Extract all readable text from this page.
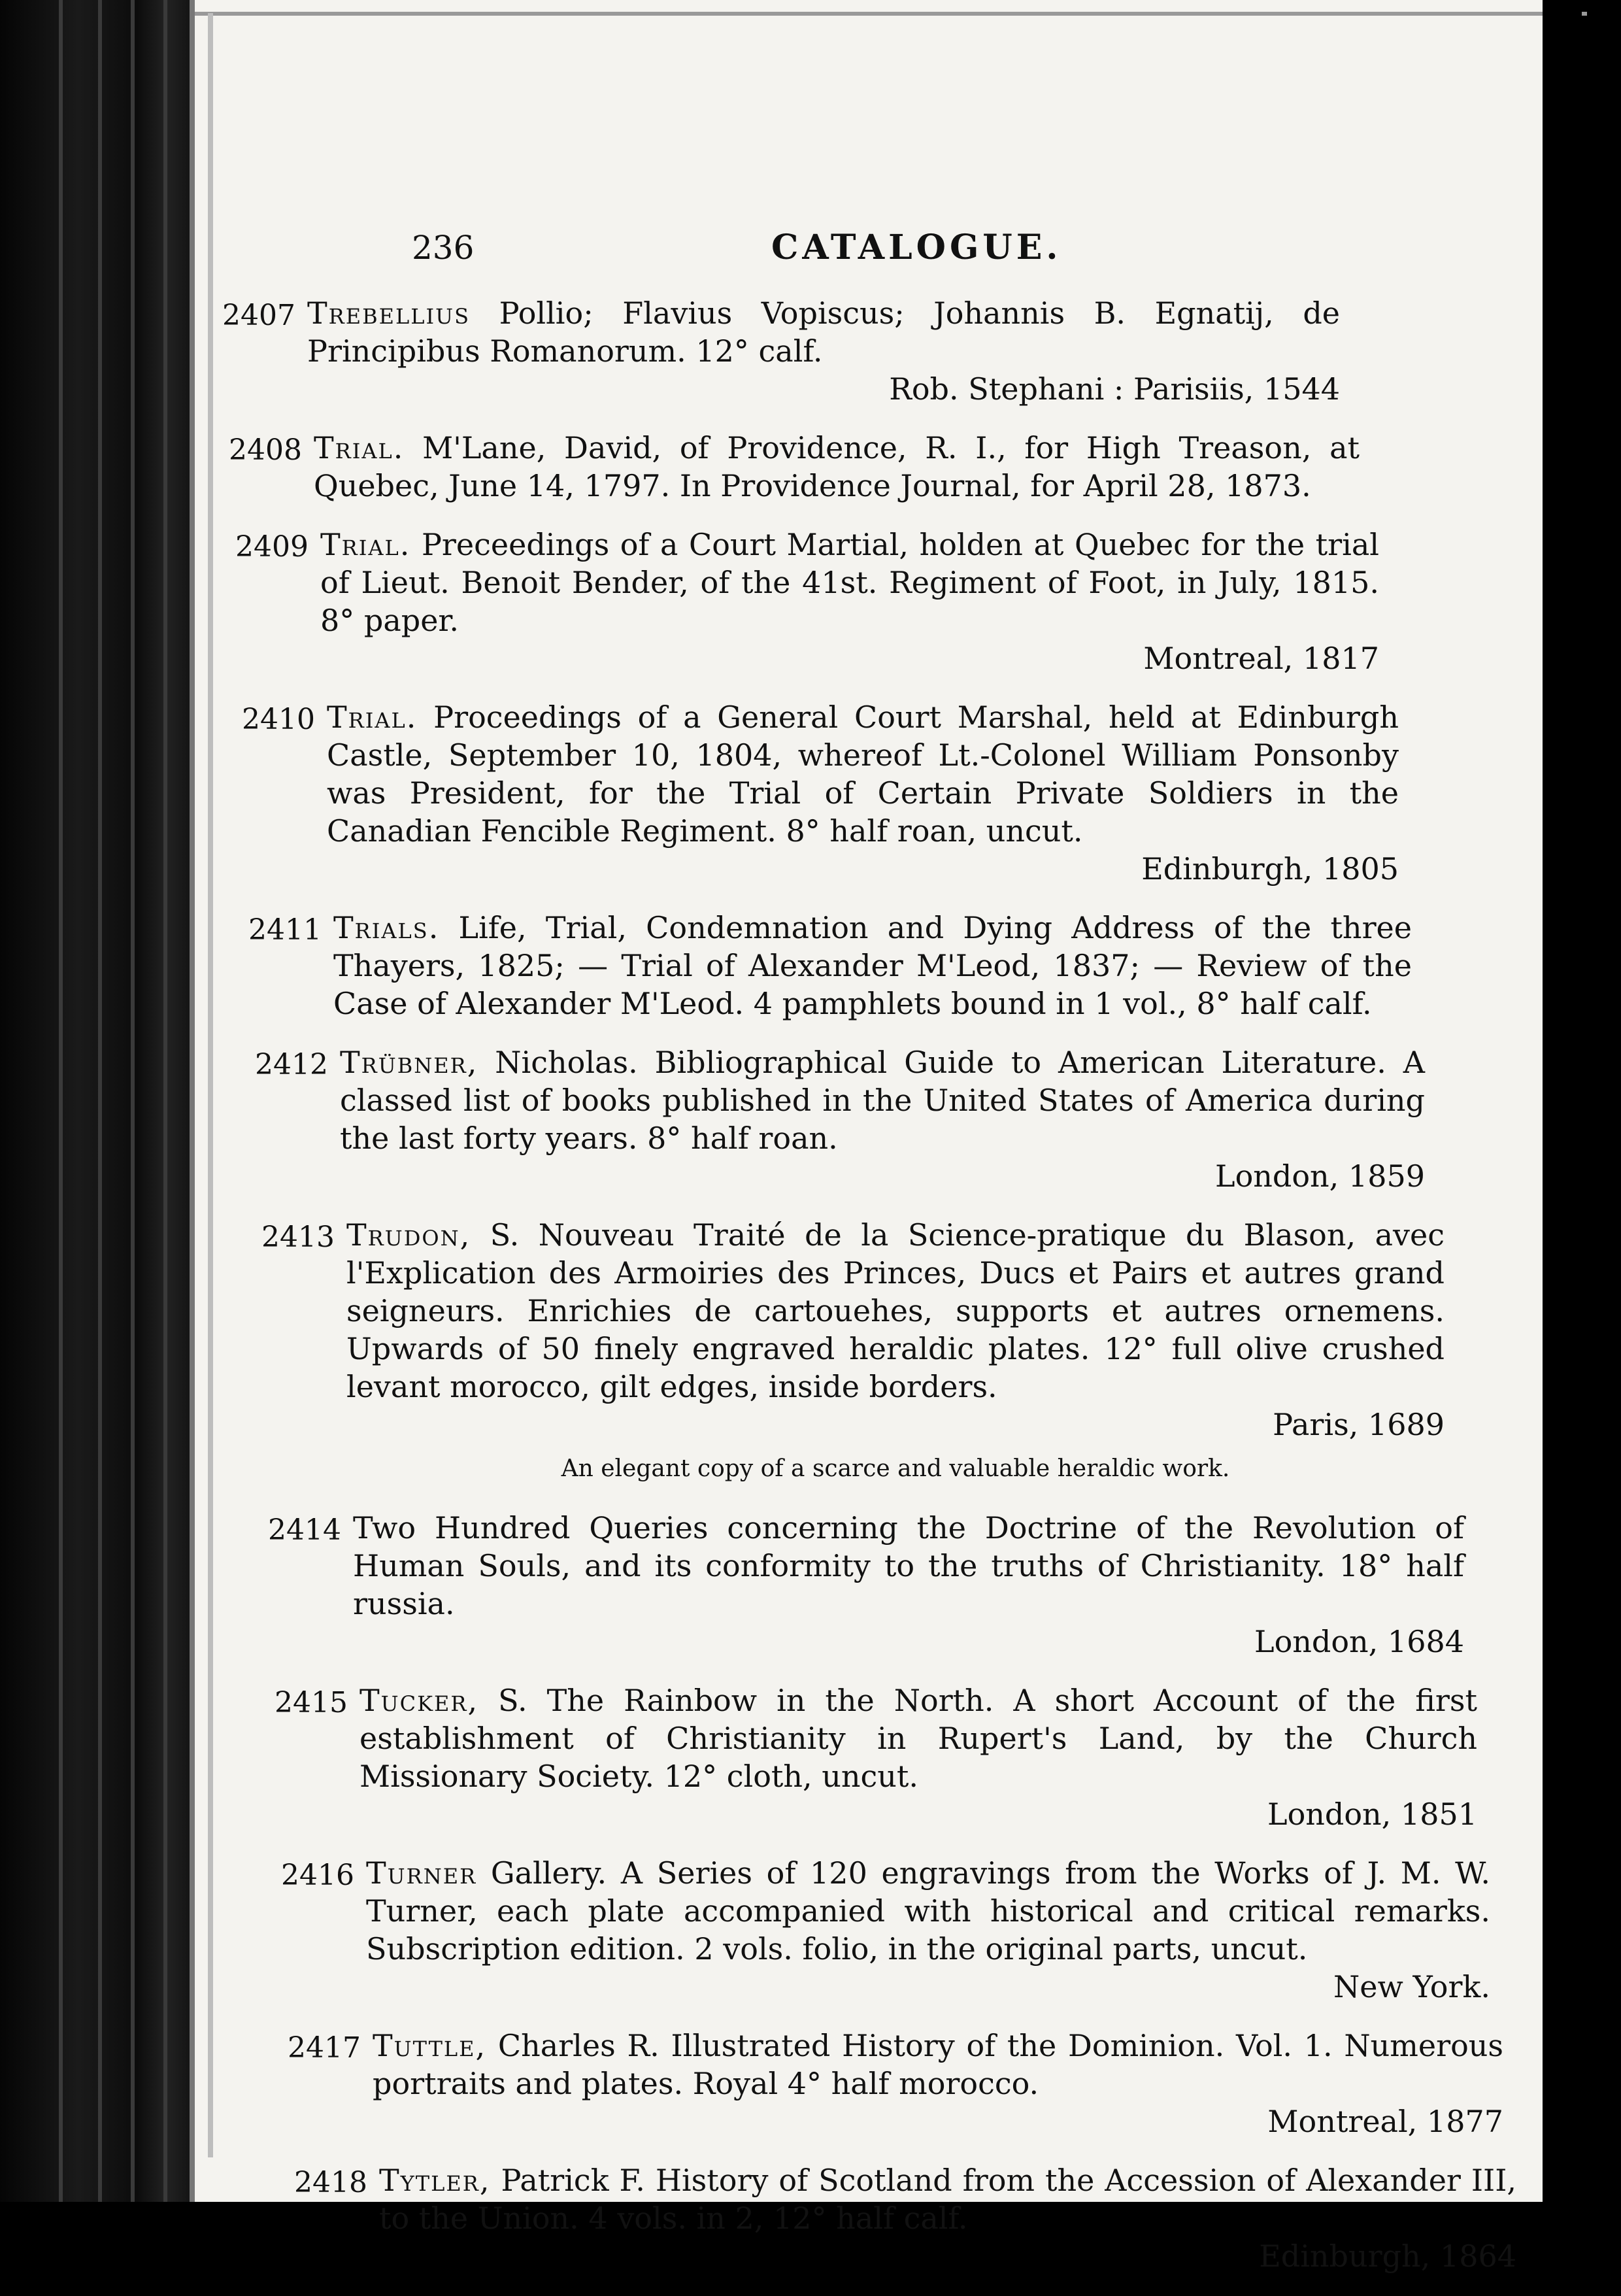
236	CATALOGUE.
2407 Trebellius Pollio; Flavius Vopiscus; Johannis B. Egnatij, de Principibus Romanorum. 12° calf.
Rob. Stephani : Parisiis, 1544
2408 Trial. M'Lane, David, of Providence, R. I., for High Treason, at Quebec, June 14, 1797. In Providence Journal, for April 28, 1873.
2409 Trial. Preceedings of a Court Martial, holden at Quebec for the trial of Lieut. Benoit Bender, of the 41st. Regiment of Foot, in July, 1815. 8° paper.
Montreal, 1817
2410 Trial. Proceedings of a General Court Marshal, held at Edinburgh Castle, September 10, 1804, whereof Lt.-Colonel William Ponsonby was President, for the Trial of Certain Private Soldiers in the Canadian Fencible Regiment. 8° half roan, uncut.
Edinburgh, 1805
2411 Trials. Life, Trial, Condemnation and Dying Address of the three Thayers, 1825; — Trial of Alexander M'Leod, 1837; — Review of the Case of Alexander M'Leod. 4 pamphlets bound in 1 vol., 8° half calf.
2412 Trübner, Nicholas. Bibliographical Guide to American Literature. A classed list of books published in the United States of America during the last forty years. 8° half roan.
London, 1859
2413 Trudon, S. Nouveau Traité de la Science-pratique du Blason, avec l'Explication des Armoiries des Princes, Ducs et Pairs et autres grand seigneurs. Enrichies de cartouehes, supports et autres ornemens. Upwards of 50 finely engraved heraldic plates. 12° full olive crushed levant morocco, gilt edges, inside borders.
Paris, 1689
An elegant copy of a scarce and valuable heraldic work.
2414 Two Hundred Queries concerning the Doctrine of the Revolution of Human Souls, and its conformity to the truths of Christianity. 18° half russia.
London, 1684
2415 Tucker, S. The Rainbow in the North. A short Account of the first establishment of Christianity in Rupert's Land, by the Church Missionary Society. 12° cloth, uncut.
London, 1851
2416 Turner Gallery. A Series of 120 engravings from the Works of J. M. W. Turner, each plate accompanied with historical and critical remarks. Subscription edition. 2 vols. folio, in the original parts, uncut.
New York.
2417 Tuttle, Charles R. Illustrated History of the Dominion. Vol. 1. Numerous portraits and plates. Royal 4° half morocco.
Montreal, 1877
2418 Tytler, Patrick F. History of Scotland from the Accession of Alexander III, to the Union. 4 vols. in 2, 12° half calf.
Edinburgh, 1864
